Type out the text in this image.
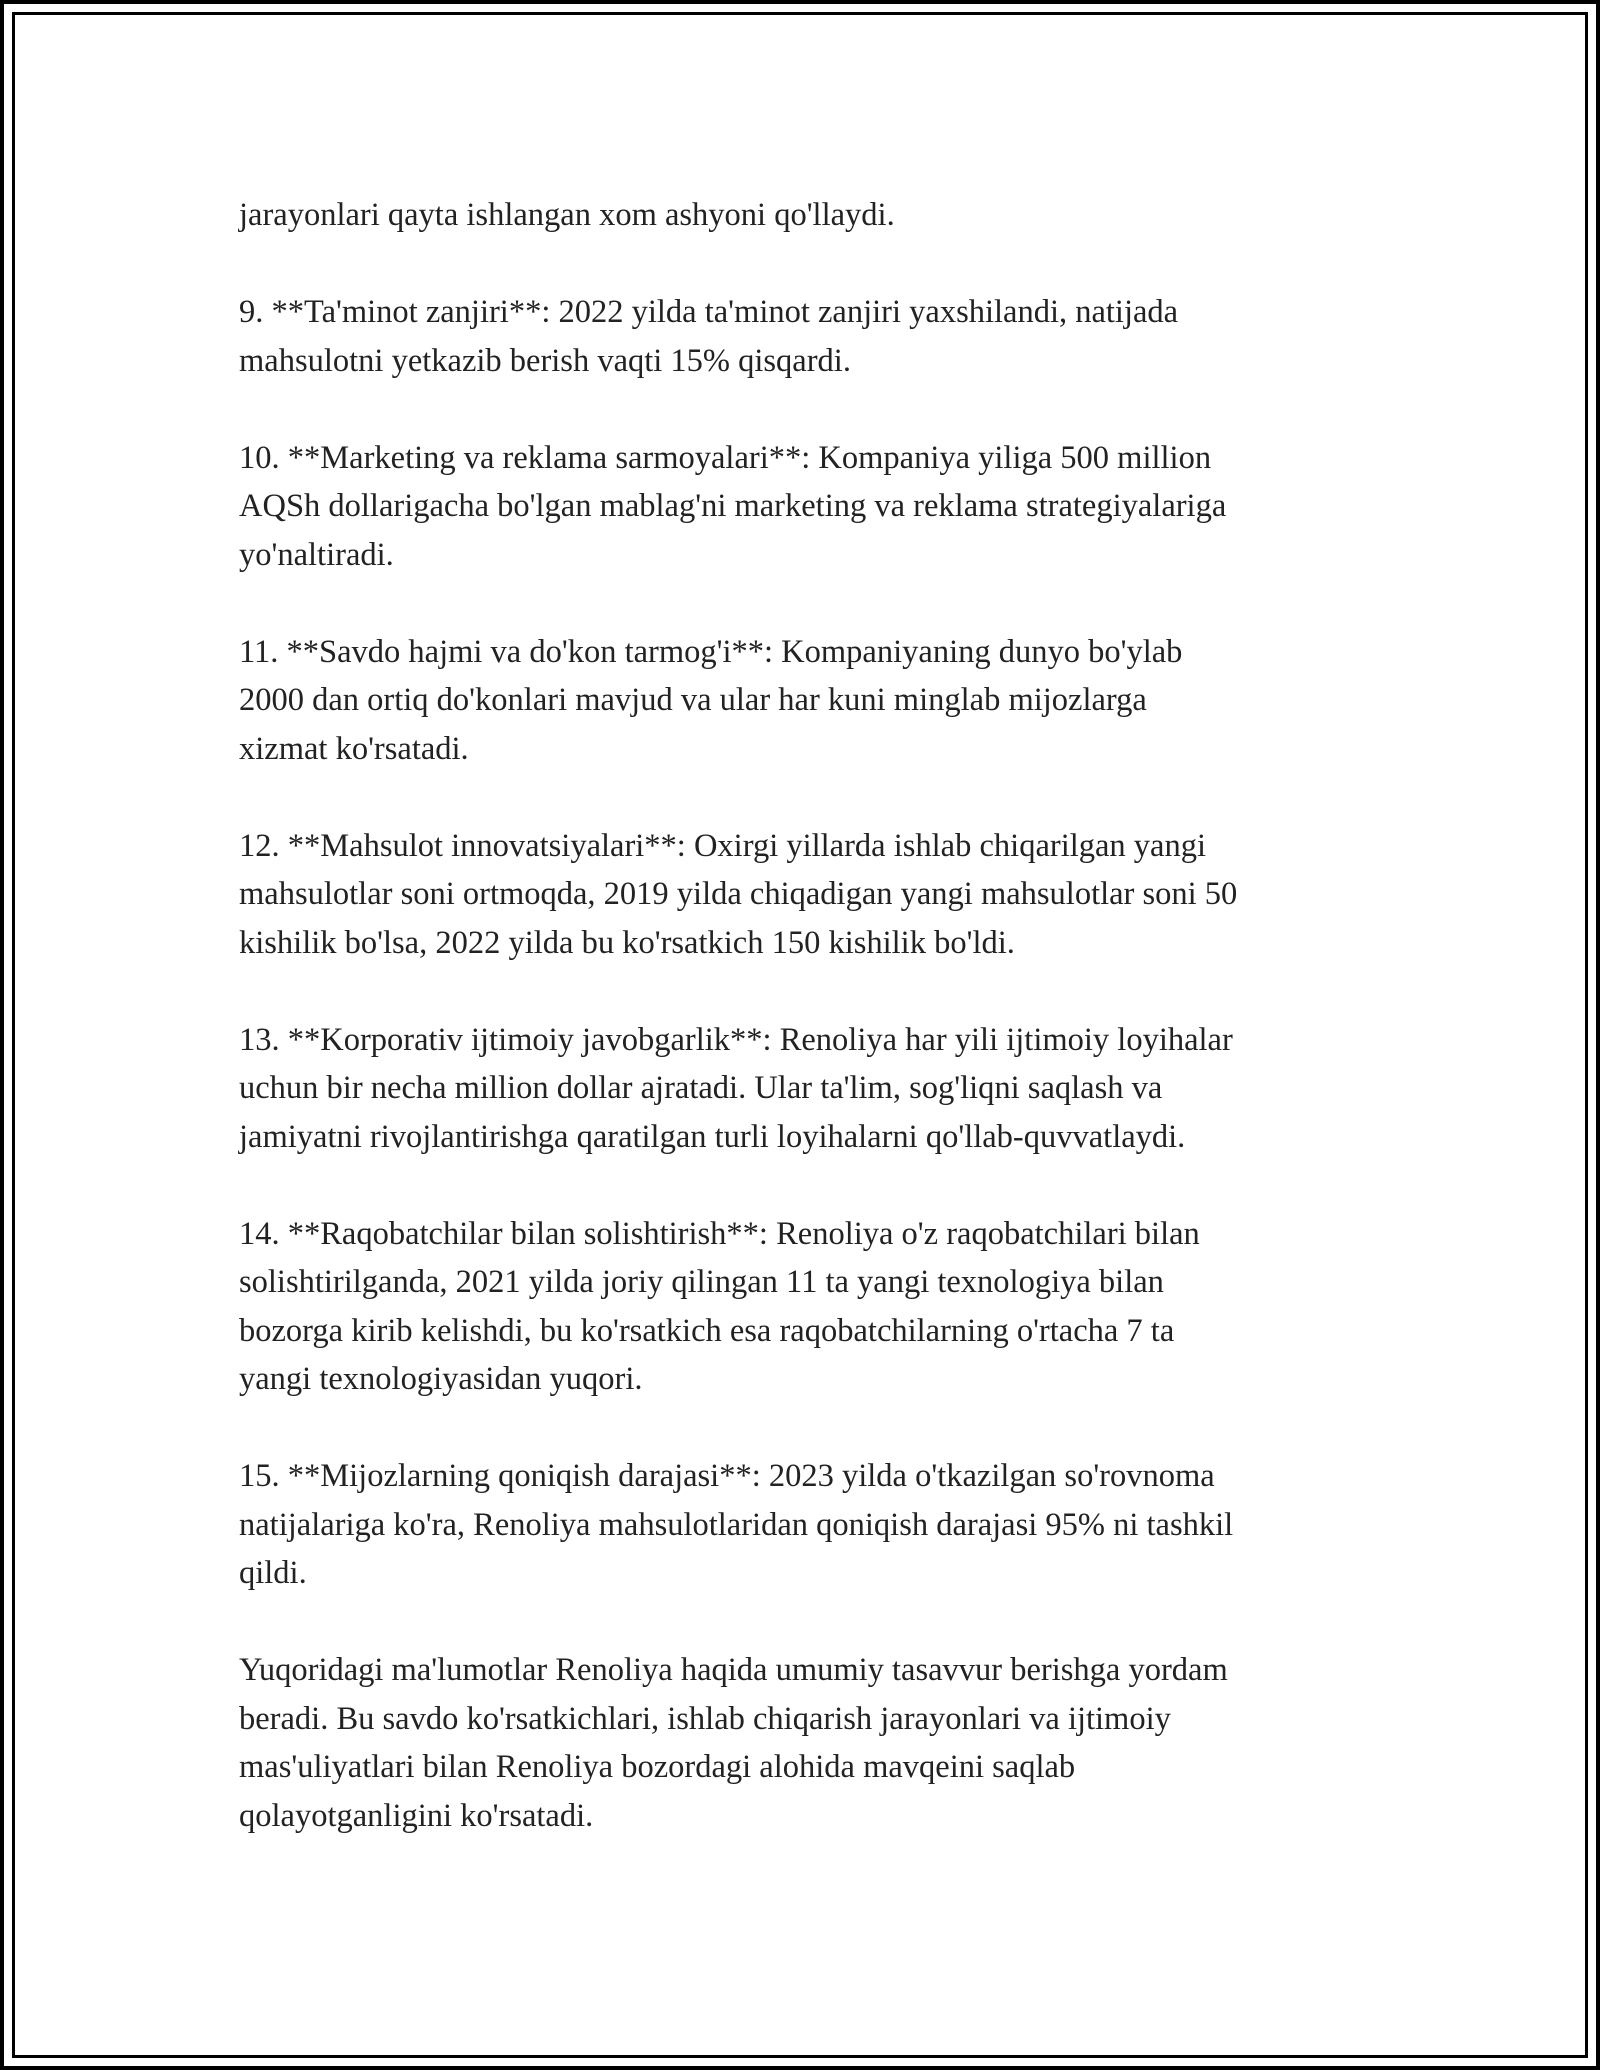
jarayonlari qayta ishlangan xom ashyoni qo'llaydi.

9. **Ta'minot zanjiri**: 2022 yilda ta'minot zanjiri yaxshilandi, natijada
mahsulotni yetkazib berish vaqti 15% qisqardi.

10. **Marketing va reklama sarmoyalari**: Kompaniya yiliga 500 million
AQSh dollarigacha bo'lgan mablag'ni marketing va reklama strategiyalariga
yo'naltiradi.

11. **Savdo hajmi va do'kon tarmog'i**: Kompaniyaning dunyo bo'ylab
2000 dan ortiq do'konlari mavjud va ular har kuni minglab mijozlarga
xizmat ko'rsatadi.

12. **Mahsulot innovatsiyalari**: Oxirgi yillarda ishlab chiqarilgan yangi
mahsulotlar soni ortmoqda, 2019 yilda chiqadigan yangi mahsulotlar soni 50
kishilik bo'lsa, 2022 yilda bu ko'rsatkich 150 kishilik bo'ldi.

13. **Korporativ ijtimoiy javobgarlik**: Renoliya har yili ijtimoiy loyihalar
uchun bir necha million dollar ajratadi. Ular ta'lim, sog'liqni saqlash va
jamiyatni rivojlantirishga qaratilgan turli loyihalarni qo'llab-quvvatlaydi.

14. **Raqobatchilar bilan solishtirish**: Renoliya o'z raqobatchilari bilan
solishtirilganda, 2021 yilda joriy qilingan 11 ta yangi texnologiya bilan
bozorga kirib kelishdi, bu ko'rsatkich esa raqobatchilarning o'rtacha 7 ta
yangi texnologiyasidan yuqori.

15. **Mijozlarning qoniqish darajasi**: 2023 yilda o'tkazilgan so'rovnoma
natijalariga ko'ra, Renoliya mahsulotlaridan qoniqish darajasi 95% ni tashkil
qildi.

Yuqoridagi ma'lumotlar Renoliya haqida umumiy tasavvur berishga yordam
beradi. Bu savdo ko'rsatkichlari, ishlab chiqarish jarayonlari va ijtimoiy
mas'uliyatlari bilan Renoliya bozordagi alohida mavqeini saqlab
qolayotganligini ko'rsatadi.
